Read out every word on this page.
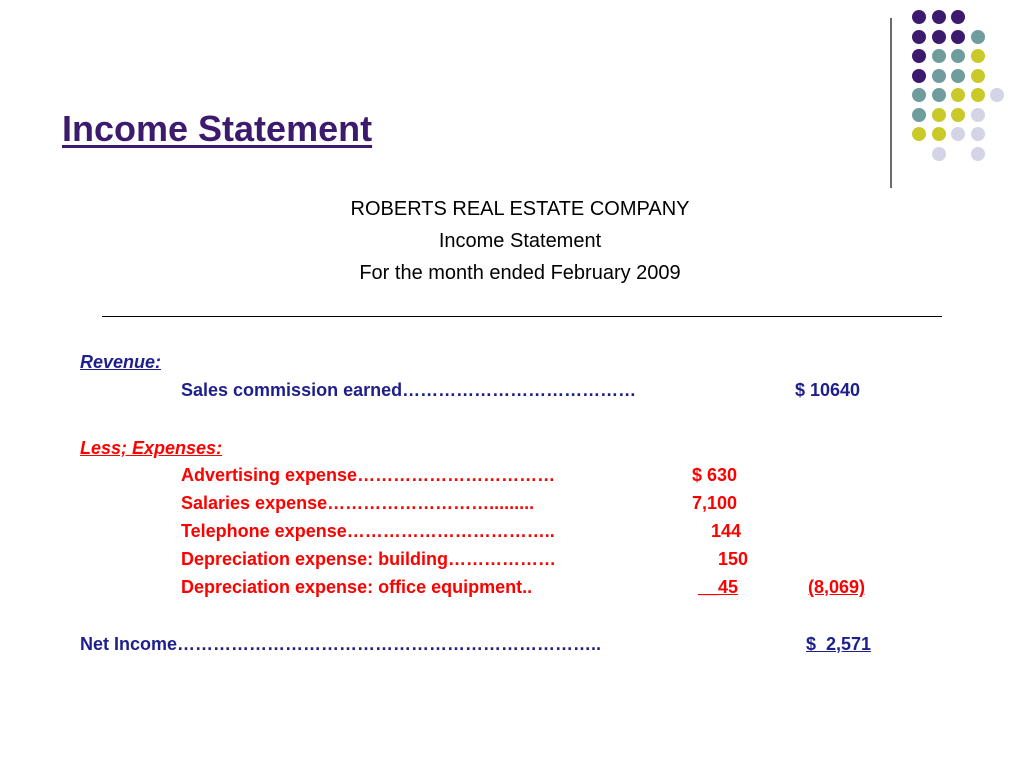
Income Statement
ROBERTS REAL ESTATE COMPANY
Income Statement
For the month ended February 2009
Revenue:
Sales commission earned…………………………………	$ 10640
Less; Expenses:
Advertising expense……………………………	$ 630
Salaries expense……………………….........	7,100
Telephone expense……………………………..	144
Depreciation expense: building………………	150
Depreciation expense: office equipment..	__45	(8,069)
Net Income……………………………………………………………..	$  2,571
